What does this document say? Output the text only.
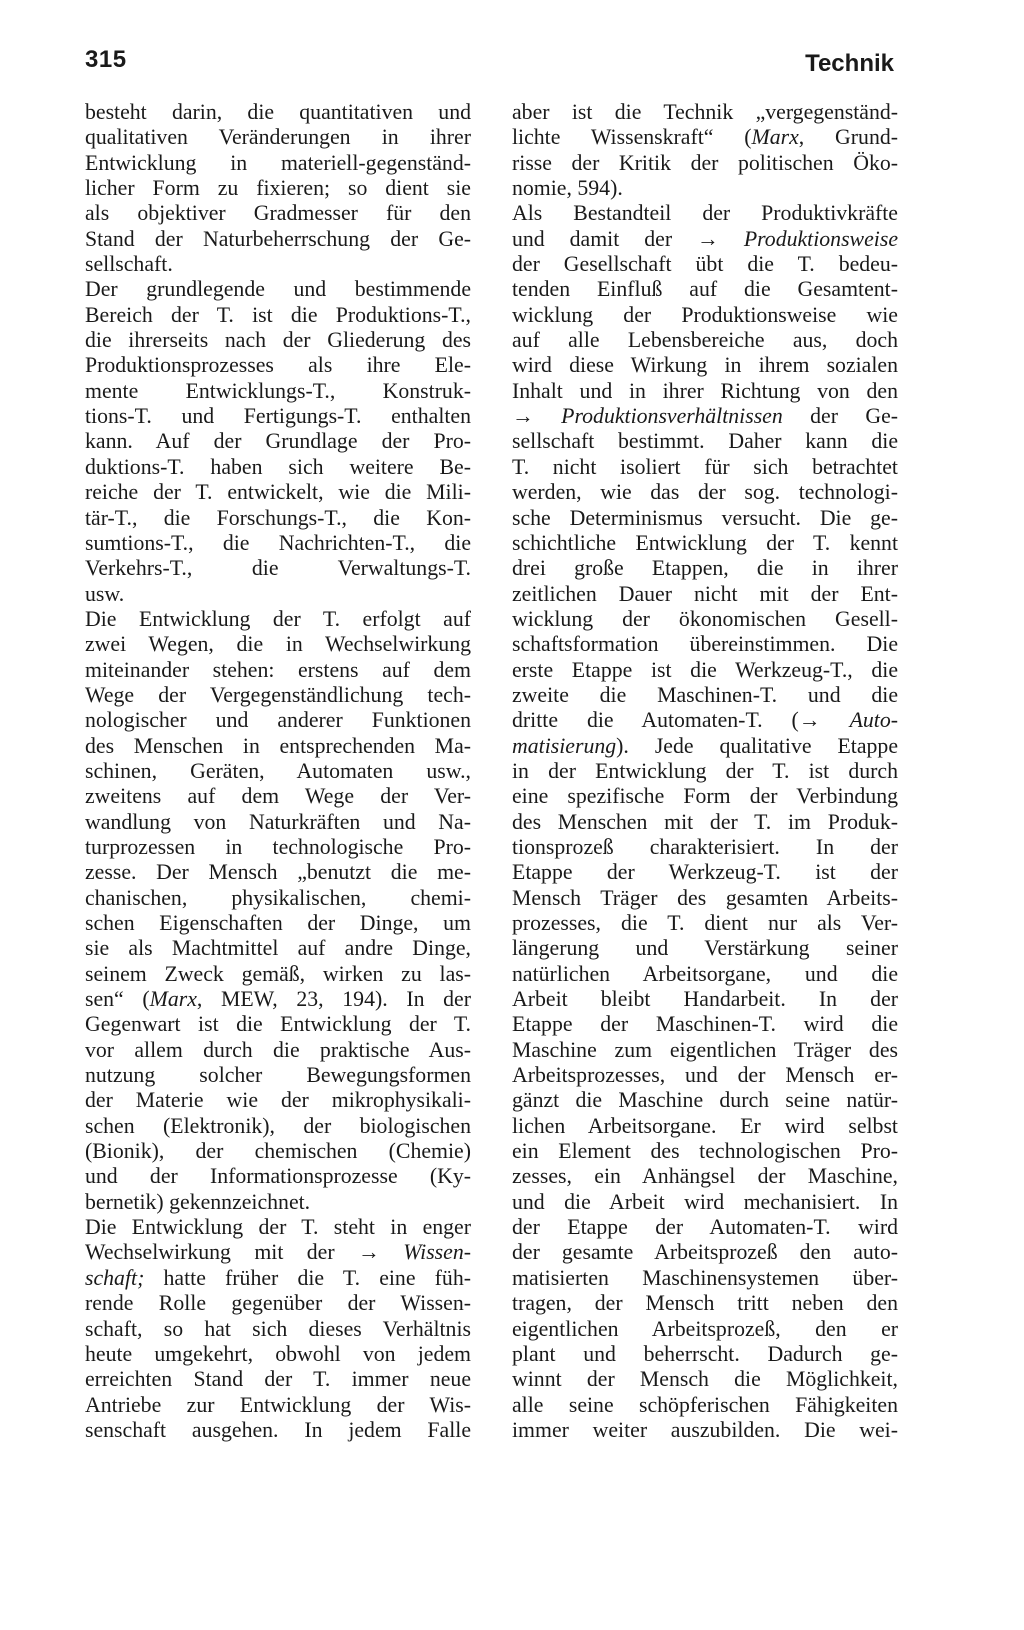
315	Technik
besteht darin, die quantitativen und
qualitativen Veränderungen in ihrer
Entwicklung in materiell-gegenständ-
licher Form zu fixieren; so dient sie
als objektiver Gradmesser für den
Stand der Naturbeherrschung der Ge-
sellschaft.
Der grundlegende und bestimmende
Bereich der T. ist die Produktions-T.,
die ihrerseits nach der Gliederung des
Produktionsprozesses als ihre Ele-
mente Entwicklungs-T., Konstruk-
tions-T. und Fertigungs-T. enthalten
kann. Auf der Grundlage der Pro-
duktions-T. haben sich weitere Be-
reiche der T. entwickelt, wie die Mili-
tär-T., die Forschungs-T., die Kon-
sumtions-T., die Nachrichten-T., die
Verkehrs-T., die Verwaltungs-T.
usw.
Die Entwicklung der T. erfolgt auf
zwei Wegen, die in Wechselwirkung
miteinander stehen: erstens auf dem
Wege der Vergegenständlichung tech-
nologischer und anderer Funktionen
des Menschen in entsprechenden Ma-
schinen, Geräten, Automaten usw.,
zweitens auf dem Wege der Ver-
wandlung von Naturkräften und Na-
turprozessen in technologische Pro-
zesse. Der Mensch „benutzt die me-
chanischen, physikalischen, chemi-
schen Eigenschaften der Dinge, um
sie als Machtmittel auf andre Dinge,
seinem Zweck gemäß, wirken zu las-
sen“ (Marx, MEW, 23, 194). In der
Gegenwart ist die Entwicklung der T.
vor allem durch die praktische Aus-
nutzung solcher Bewegungsformen
der Materie wie der mikrophysikali-
schen (Elektronik), der biologischen
(Bionik), der chemischen (Chemie)
und der Informationsprozesse (Ky-
bernetik) gekennzeichnet.
Die Entwicklung der T. steht in enger
Wechselwirkung mit der → Wissen-
schaft; hatte früher die T. eine füh-
rende Rolle gegenüber der Wissen-
schaft, so hat sich dieses Verhältnis
heute umgekehrt, obwohl von jedem
erreichten Stand der T. immer neue
Antriebe zur Entwicklung der Wis-
senschaft ausgehen. In jedem Falle
aber ist die Technik „vergegenständ-
lichte Wissenskraft“ (Marx, Grund-
risse der Kritik der politischen Öko-
nomie, 594).
Als Bestandteil der Produktivkräfte
und damit der → Produktionsweise
der Gesellschaft übt die T. bedeu-
tenden Einfluß auf die Gesamtent-
wicklung der Produktionsweise wie
auf alle Lebensbereiche aus, doch
wird diese Wirkung in ihrem sozialen
Inhalt und in ihrer Richtung von den
→ Produktionsverhältnissen der Ge-
sellschaft bestimmt. Daher kann die
T. nicht isoliert für sich betrachtet
werden, wie das der sog. technologi-
sche Determinismus versucht. Die ge-
schichtliche Entwicklung der T. kennt
drei große Etappen, die in ihrer
zeitlichen Dauer nicht mit der Ent-
wicklung der ökonomischen Gesell-
schaftsformation übereinstimmen. Die
erste Etappe ist die Werkzeug-T., die
zweite die Maschinen-T. und die
dritte die Automaten-T. (→ Auto-
matisierung). Jede qualitative Etappe
in der Entwicklung der T. ist durch
eine spezifische Form der Verbindung
des Menschen mit der T. im Produk-
tionsprozeß charakterisiert. In der
Etappe der Werkzeug-T. ist der
Mensch Träger des gesamten Arbeits-
prozesses, die T. dient nur als Ver-
längerung und Verstärkung seiner
natürlichen Arbeitsorgane, und die
Arbeit bleibt Handarbeit. In der
Etappe der Maschinen-T. wird die
Maschine zum eigentlichen Träger des
Arbeitsprozesses, und der Mensch er-
gänzt die Maschine durch seine natür-
lichen Arbeitsorgane. Er wird selbst
ein Element des technologischen Pro-
zesses, ein Anhängsel der Maschine,
und die Arbeit wird mechanisiert. In
der Etappe der Automaten-T. wird
der gesamte Arbeitsprozeß den auto-
matisierten Maschinensystemen über-
tragen, der Mensch tritt neben den
eigentlichen Arbeitsprozeß, den er
plant und beherrscht. Dadurch ge-
winnt der Mensch die Möglichkeit,
alle seine schöpferischen Fähigkeiten
immer weiter auszubilden. Die wei-
